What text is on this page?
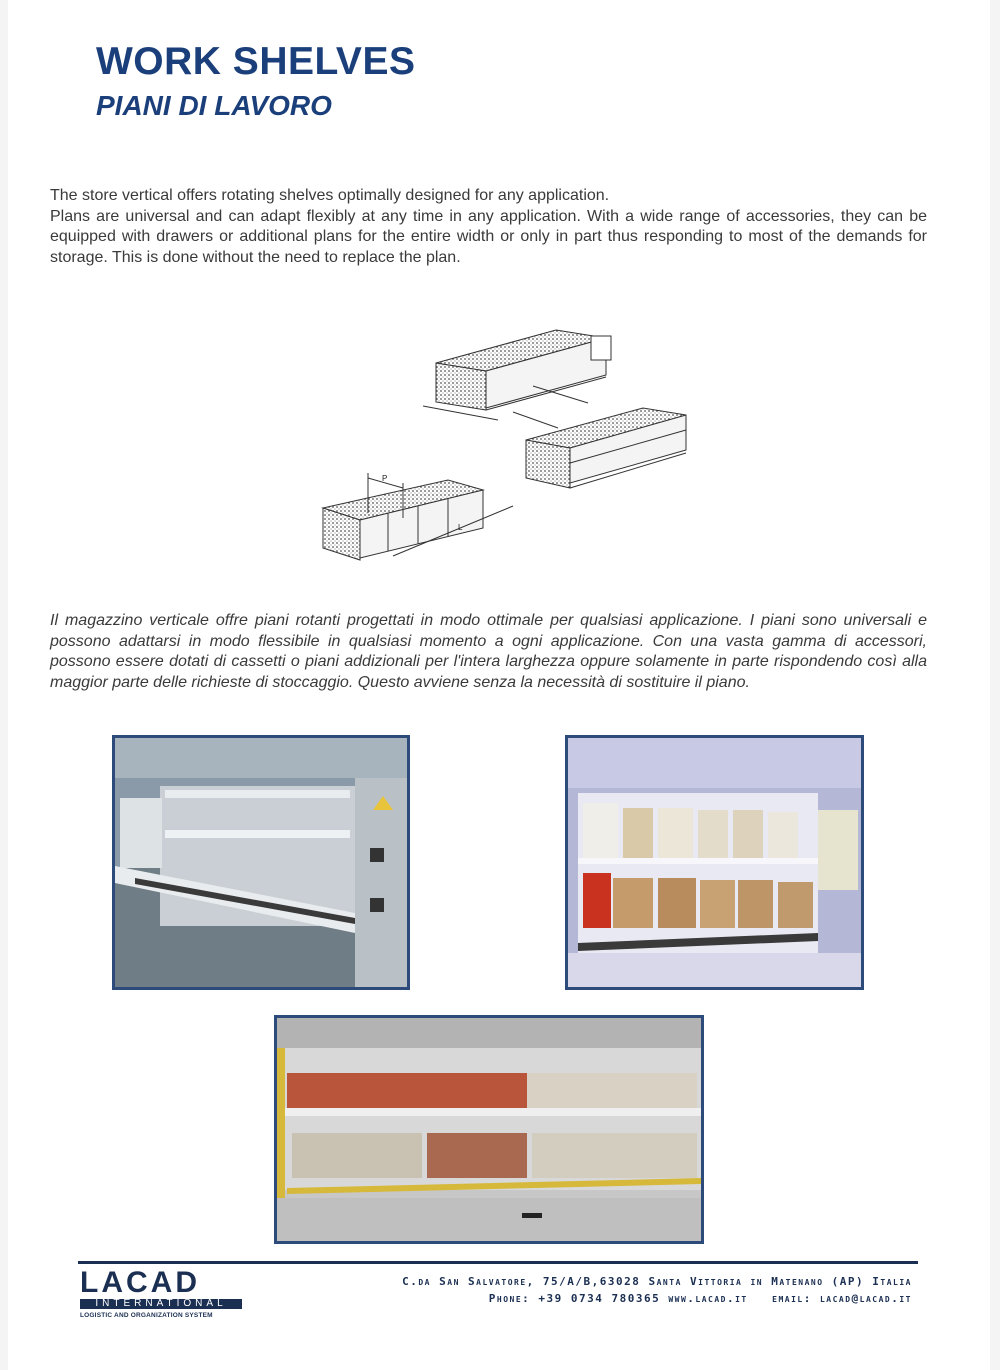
WORK SHELVES
PIANI DI LAVORO

The store vertical offers rotating shelves optimally designed for any application.

Plans are universal and can adapt flexibly at any time in any application. With a wide range of accessories, they can be equipped with drawers or additional plans for the entire width or only in part thus responding to most of the demands for storage. This is done without the need to replace the plan.

P
L
Il magazzino verticale offre piani rotanti progettati in modo ottimale per qualsiasi applicazione. I piani sono universali e possono adattarsi in modo flessibile in qualsiasi momento a ogni applicazione. Con una vasta gamma di accessori, possono essere dotati di cassetti o piani addizionali per l'intera larghezza oppure solamente in parte rispondendo così alla maggior parte delle richieste di stoccaggio. Questo avviene senza la necessità di sostituire il piano.
LACAD
INTERNATIONAL
LOGISTIC AND ORGANIZATION SYSTEM
C.da San Salvatore, 75/A/B,63028 Santa Vittoria in Matenano (AP) Italia
Phone: +39 0734 780365 www.lacad.it   email: lacad@lacad.it
